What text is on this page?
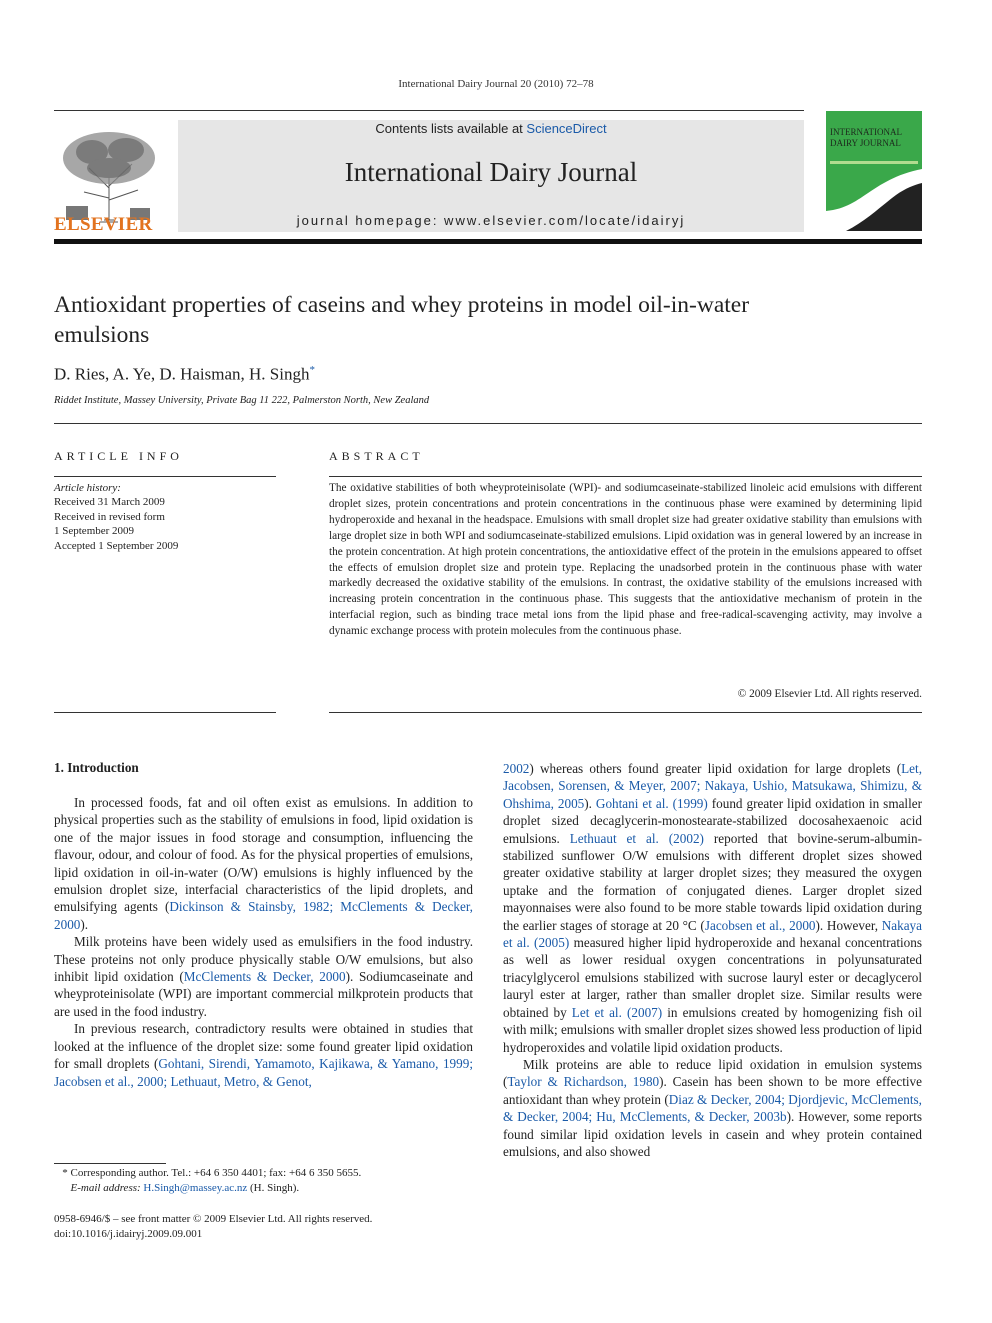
International Dairy Journal 20 (2010) 72–78
ELSEVIER
Contents lists available at ScienceDirect
International Dairy Journal
journal homepage: www.elsevier.com/locate/idairyj
INTERNATIONAL DAIRY JOURNAL
Antioxidant properties of caseins and whey proteins in model oil-in-water emulsions
D. Ries, A. Ye, D. Haisman, H. Singh*
Riddet Institute, Massey University, Private Bag 11 222, Palmerston North, New Zealand
ARTICLE INFO	ABSTRACT
Article history:
Received 31 March 2009
Received in revised form
1 September 2009
Accepted 1 September 2009
The oxidative stabilities of both wheyproteinisolate (WPI)- and sodiumcaseinate-stabilized linoleic acid emulsions with different droplet sizes, protein concentrations and protein concentrations in the continuous phase were examined by determining lipid hydroperoxide and hexanal in the headspace. Emulsions with small droplet size had greater oxidative stability than emulsions with large droplet size in both WPI and sodiumcaseinate-stabilized emulsions. Lipid oxidation was in general lowered by an increase in the protein concentration. At high protein concentrations, the antioxidative effect of the protein in the emulsions appeared to offset the effects of emulsion droplet size and protein type. Replacing the unadsorbed protein in the continuous phase with water markedly decreased the oxidative stability of the emulsions. In contrast, the oxidative stability of the emulsions increased with increasing protein concentration in the continuous phase. This suggests that the antioxidative mechanism of protein in the interfacial region, such as binding trace metal ions from the lipid phase and free-radical-scavenging activity, may involve a dynamic exchange process with protein molecules from the continuous phase.
© 2009 Elsevier Ltd. All rights reserved.
1. Introduction

In processed foods, fat and oil often exist as emulsions. In addition to physical properties such as the stability of emulsions in food, lipid oxidation is one of the major issues in food storage and consumption, influencing the flavour, odour, and colour of food. As for the physical properties of emulsions, lipid oxidation in oil-in-water (O/W) emulsions is highly influenced by the emulsion droplet size, interfacial characteristics of the lipid droplets, and emulsifying agents (Dickinson & Stainsby, 1982; McClements & Decker, 2000).

Milk proteins have been widely used as emulsifiers in the food industry. These proteins not only produce physically stable O/W emulsions, but also inhibit lipid oxidation (McClements & Decker, 2000). Sodiumcaseinate and wheyproteinisolate (WPI) are important commercial milkprotein products that are used in the food industry.

In previous research, contradictory results were obtained in studies that looked at the influence of the droplet size: some found greater lipid oxidation for small droplets (Gohtani, Sirendi, Yamamoto, Kajikawa, & Yamano, 1999; Jacobsen et al., 2000; Lethuaut, Metro, & Genot,

2002) whereas others found greater lipid oxidation for large droplets (Let, Jacobsen, Sorensen, & Meyer, 2007; Nakaya, Ushio, Matsukawa, Shimizu, & Ohshima, 2005). Gohtani et al. (1999) found greater lipid oxidation in smaller droplet sized decaglycerin-monostearate-stabilized docosahexaenoic acid emulsions. Lethuaut et al. (2002) reported that bovine-serum-albumin-stabilized sunflower O/W emulsions with different droplet sizes showed greater oxidative stability at larger droplet sizes; they measured the oxygen uptake and the formation of conjugated dienes. Larger droplet sized mayonnaises were also found to be more stable towards lipid oxidation during the earlier stages of storage at 20 °C (Jacobsen et al., 2000). However, Nakaya et al. (2005) measured higher lipid hydroperoxide and hexanal concentrations as well as lower residual oxygen concentrations in polyunsaturated triacylglycerol emulsions stabilized with sucrose lauryl ester or decaglycerol lauryl ester at larger, rather than smaller droplet size. Similar results were obtained by Let et al. (2007) in emulsions created by homogenizing fish oil with milk; emulsions with smaller droplet sizes showed less production of lipid hydroperoxides and volatile lipid oxidation products.

Milk proteins are able to reduce lipid oxidation in emulsion systems (Taylor & Richardson, 1980). Casein has been shown to be more effective antioxidant than whey protein (Diaz & Decker, 2004; Djordjevic, McClements, & Decker, 2004; Hu, McClements, & Decker, 2003b). However, some reports found similar lipid oxidation levels in casein and whey protein contained emulsions, and also showed

* Corresponding author. Tel.: +64 6 350 4401; fax: +64 6 350 5655.
E-mail address: H.Singh@massey.ac.nz (H. Singh).
0958-6946/$ – see front matter © 2009 Elsevier Ltd. All rights reserved.
doi:10.1016/j.idairyj.2009.09.001
